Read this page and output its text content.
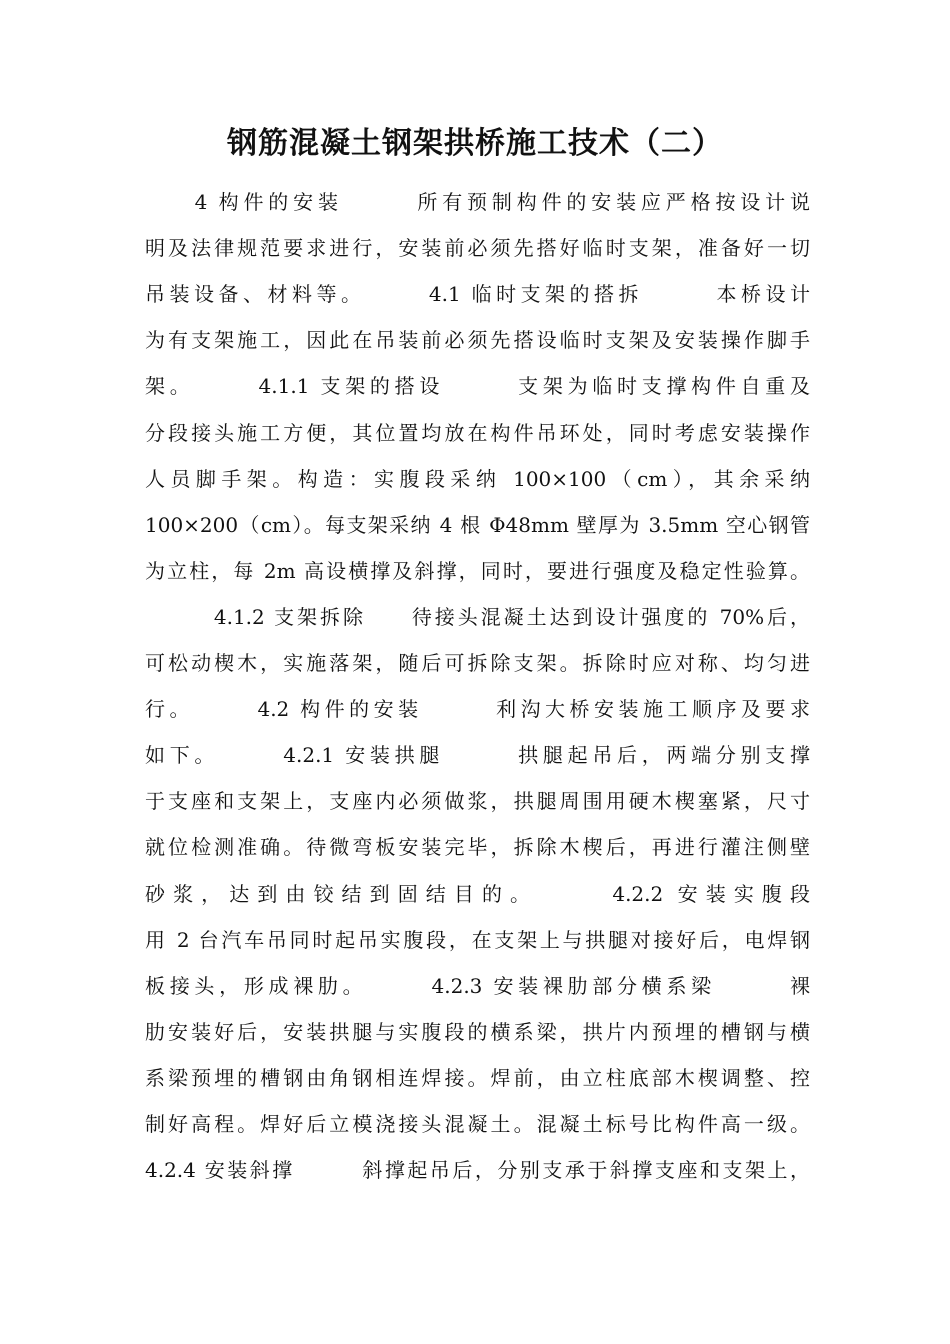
钢筋混凝土钢架拱桥施工技术（二）
　　4 构件的安装　　　所有预制构件的安装应严格按设计说
明及法律规范要求进行，安装前必须先搭好临时支架，准备好一切
吊装设备、材料等。　　　4.1 临时支架的搭拆　　　本桥设计
为有支架施工，因此在吊装前必须先搭设临时支架及安装操作脚手
架。　　　4.1.1 支架的搭设　　　支架为临时支撑构件自重及
分段接头施工方便，其位置均放在构件吊环处，同时考虑安装操作
人员脚手架。构造：实腹段采纳 100×100（cm），其余采纳
100×200（cm）。每支架采纳 4 根 Φ48mm 壁厚为 3.5mm 空心钢管
为立柱，每 2m 高设横撑及斜撑，同时，要进行强度及稳定性验算。
　　　4.1.2 支架拆除　　待接头混凝土达到设计强度的 70%后，
可松动楔木，实施落架，随后可拆除支架。拆除时应对称、均匀进
行。　　　4.2 构件的安装　　　利沟大桥安装施工顺序及要求
如下。　　　4.2.1 安装拱腿　　　拱腿起吊后，两端分别支撑
于支座和支架上，支座内必须做浆，拱腿周围用硬木楔塞紧，尺寸
就位检测准确。待微弯板安装完毕，拆除木楔后，再进行灌注侧壁
砂浆，达到由铰结到固结目的。　　　4.2.2 安装实腹段
用 2 台汽车吊同时起吊实腹段，在支架上与拱腿对接好后，电焊钢
板接头，形成裸肋。　　　4.2.3 安装裸肋部分横系梁　　　裸
肋安装好后，安装拱腿与实腹段的横系梁，拱片内预埋的槽钢与横
系梁预埋的槽钢由角钢相连焊接。焊前，由立柱底部木楔调整、控
制好高程。焊好后立模浇接头混凝土。混凝土标号比构件高一级。
4.2.4 安装斜撑　　　斜撑起吊后，分别支承于斜撑支座和支架上，
